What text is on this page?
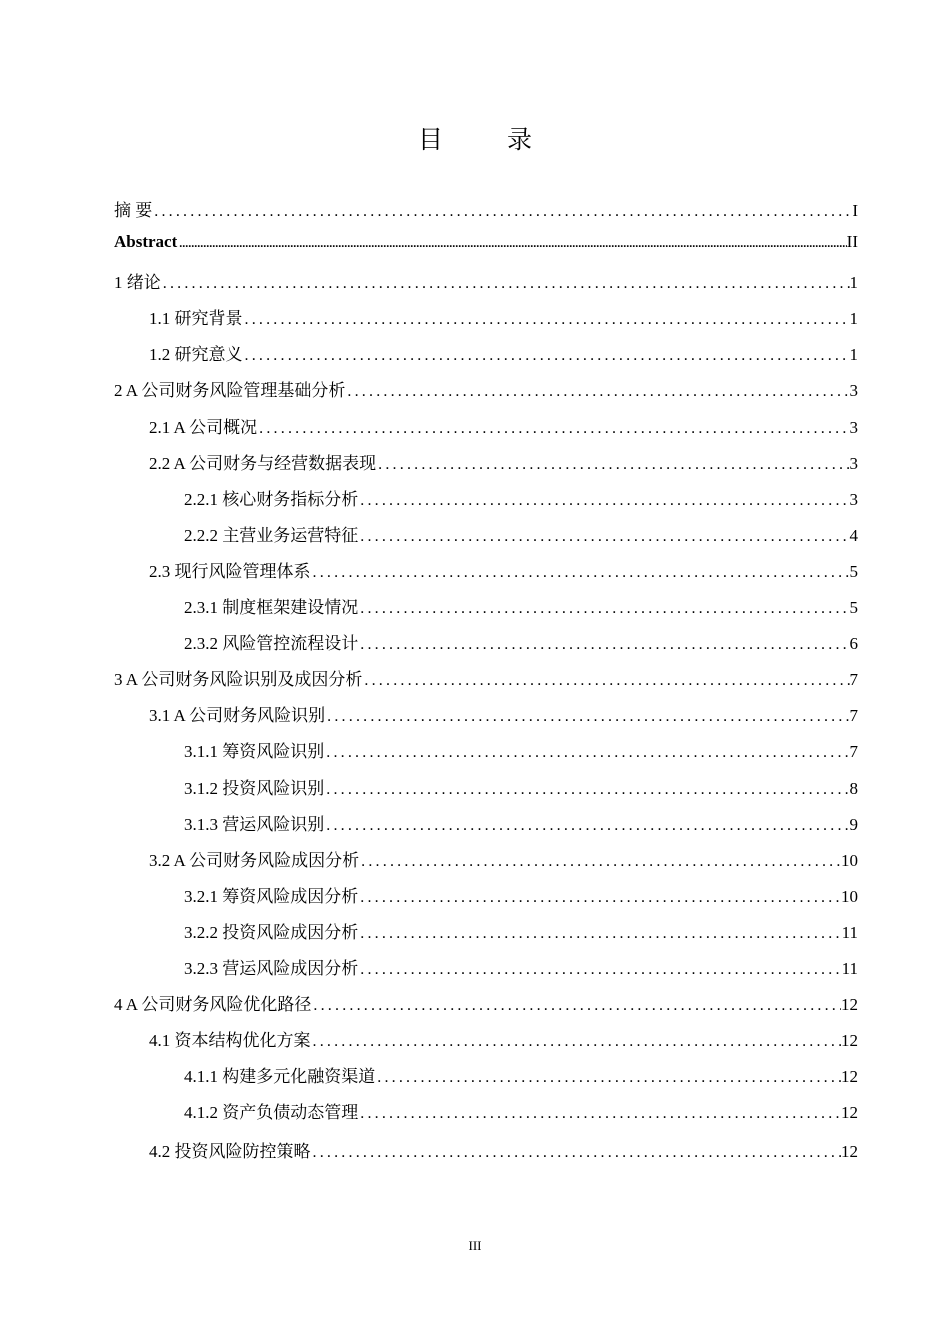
目 录
摘 要 .....	I
Abstract .....	II
1 绪论 .....	1
1.1 研究背景 .....	1
1.2 研究意义 .....	1
2 A 公司财务风险管理基础分析 .....	3
2.1 A 公司概况 .....	3
2.2 A 公司财务与经营数据表现 .....	3
2.2.1 核心财务指标分析 .....	3
2.2.2 主营业务运营特征 .....	4
2.3 现行风险管理体系 .....	5
2.3.1 制度框架建设情况 .....	5
2.3.2 风险管控流程设计 .....	6
3 A 公司财务风险识别及成因分析 .....	7
3.1 A 公司财务风险识别 .....	7
3.1.1 筹资风险识别 .....	7
3.1.2 投资风险识别 .....	8
3.1.3 营运风险识别 .....	9
3.2 A 公司财务风险成因分析 .....	10
3.2.1 筹资风险成因分析 .....	10
3.2.2 投资风险成因分析 .....	11
3.2.3 营运风险成因分析 .....	11
4 A 公司财务风险优化路径 .....	12
4.1 资本结构优化方案 .....	12
4.1.1 构建多元化融资渠道 .....	12
4.1.2 资产负债动态管理 .....	12
4.2 投资风险防控策略 .....	12
III
